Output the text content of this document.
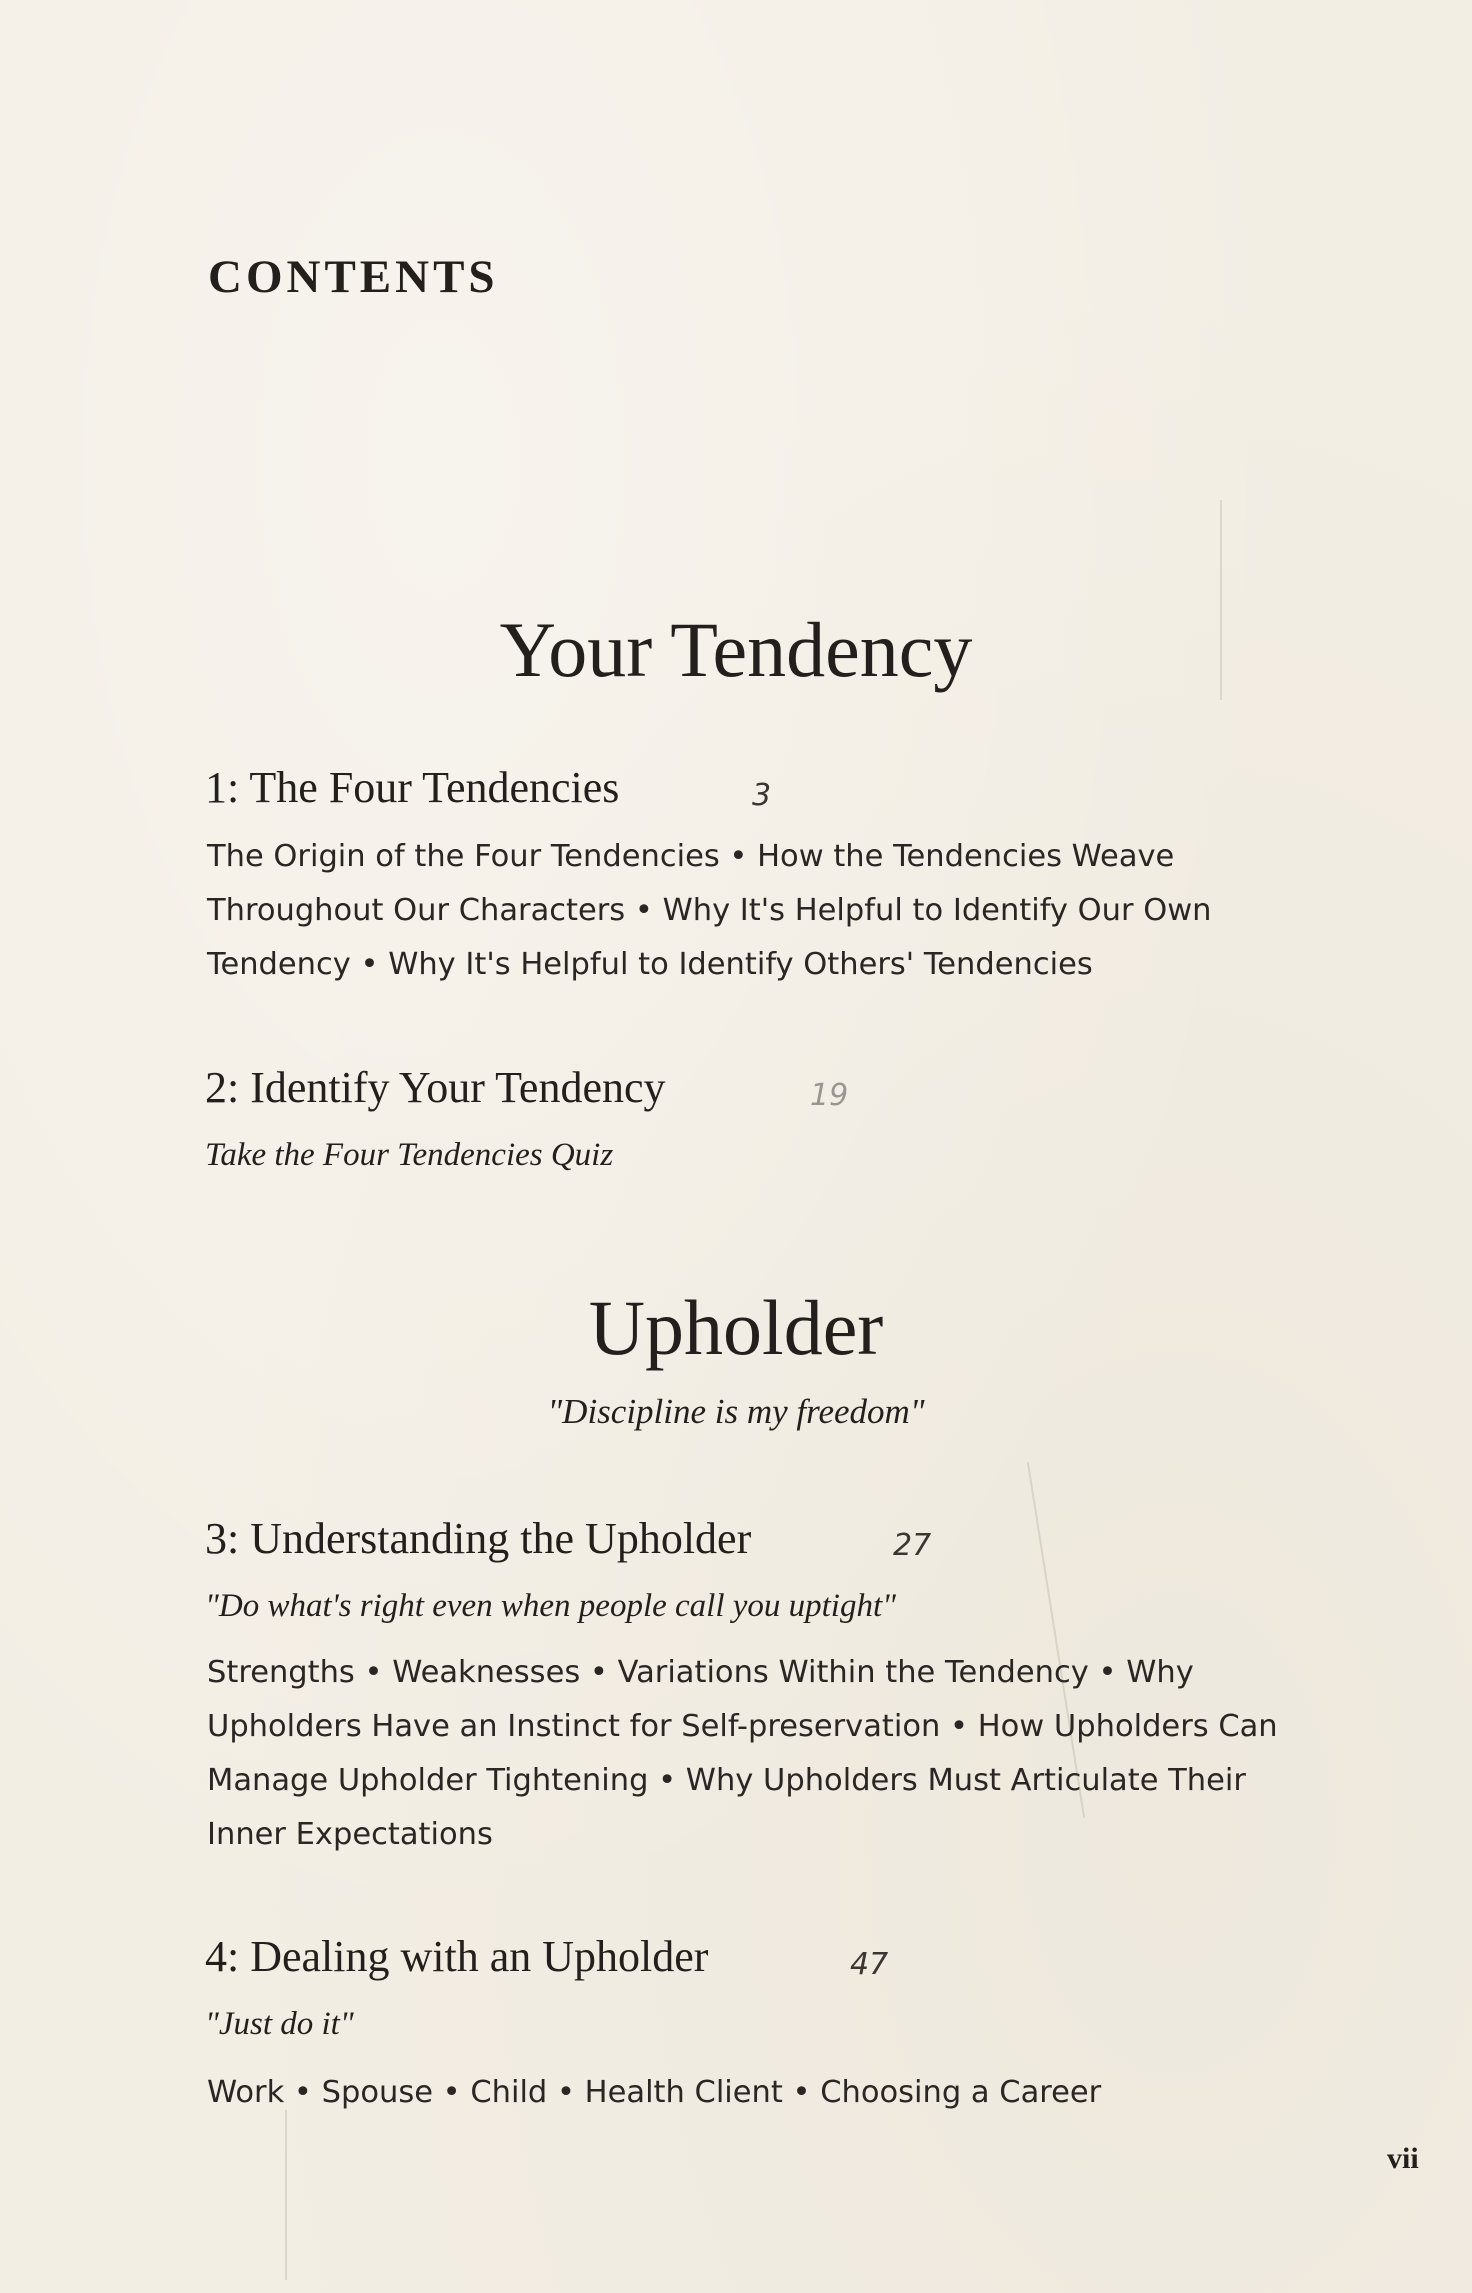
CONTENTS
Your Tendency
1: The Four Tendencies	3
The Origin of the Four Tendencies • How the Tendencies Weave Throughout Our Characters • Why It's Helpful to Identify Our Own Tendency • Why It's Helpful to Identify Others' Tendencies
2: Identify Your Tendency	19
Take the Four Tendencies Quiz
Upholder
"Discipline is my freedom"
3: Understanding the Upholder	27
"Do what's right even when people call you uptight"
Strengths • Weaknesses • Variations Within the Tendency • Why Upholders Have an Instinct for Self-preservation • How Upholders Can Manage Upholder Tightening • Why Upholders Must Articulate Their Inner Expectations
4: Dealing with an Upholder	47
"Just do it"
Work • Spouse • Child • Health Client • Choosing a Career
vii
